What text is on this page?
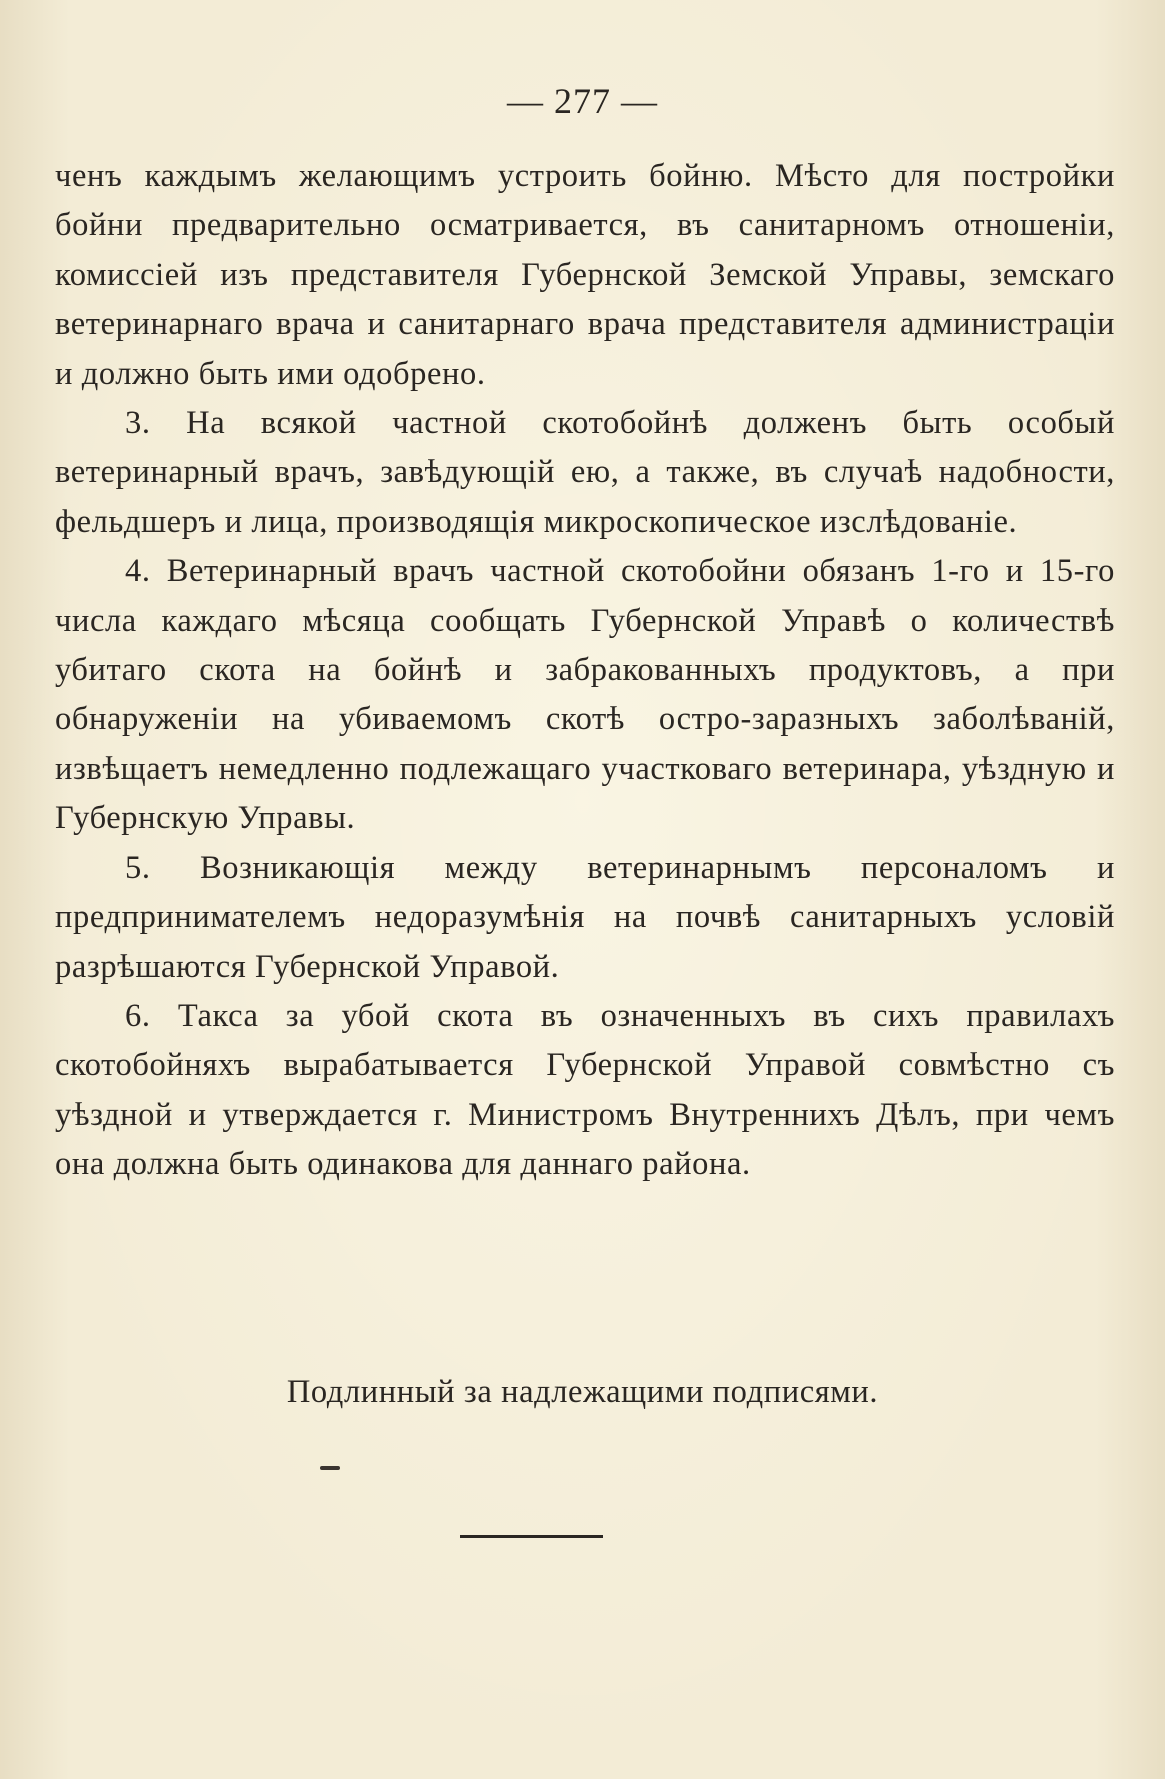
— 277 —

ченъ каждымъ желающимъ устроить бойню. Мѣсто для постройки бойни предварительно осматривается, въ санитарномъ отношеніи, комиссіей изъ представителя Губернской Земской Управы, земскаго ветеринарнаго врача и санитарнаго врача представителя администраціи и должно быть ими одобрено.

3. На всякой частной скотобойнѣ долженъ быть особый ветеринарный врачъ, завѣдующій ею, а также, въ случаѣ надобности, фельдшеръ и лица, производящія микроскопическое изслѣдованіе.

4. Ветеринарный врачъ частной скотобойни обязанъ 1-го и 15-го числа каждаго мѣсяца сообщать Губернской Управѣ о количествѣ убитаго скота на бойнѣ и забракованныхъ продуктовъ, а при обнаруженіи на убиваемомъ скотѣ остро-заразныхъ заболѣваній, извѣщаетъ немедленно подлежащаго участковаго ветеринара, уѣздную и Губернскую Управы.

5. Возникающія между ветеринарнымъ персоналомъ и предпринимателемъ недоразумѣнія на почвѣ санитарныхъ условій разрѣшаются Губернской Управой.

6. Такса за убой скота въ означенныхъ въ сихъ правилахъ скотобойняхъ вырабатывается Губернской Управой совмѣстно съ уѣздной и утверждается г. Министромъ Внутреннихъ Дѣлъ, при чемъ она должна быть одинакова для даннаго района.

Подлинный за надлежащими подписями.
